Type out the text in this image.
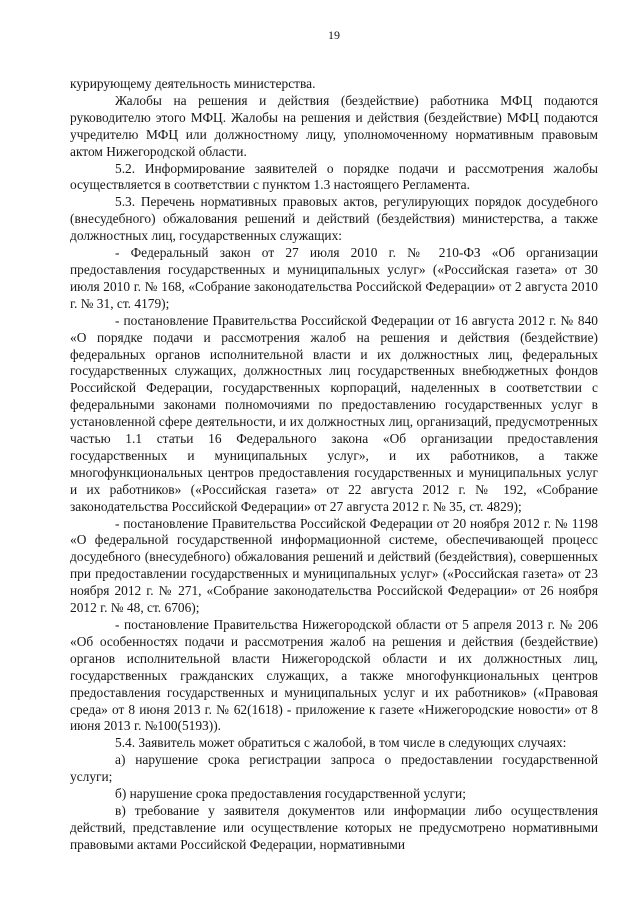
19

курирующему деятельность министерства.

Жалобы на решения и действия (бездействие) работника МФЦ подаются руководителю этого МФЦ. Жалобы на решения и действия (бездействие) МФЦ подаются учредителю МФЦ или должностному лицу, уполномоченному нормативным правовым актом Нижегородской области.

5.2. Информирование заявителей о порядке подачи и рассмотрения жалобы осуществляется в соответствии с пунктом 1.3 настоящего Регламента.

5.3. Перечень нормативных правовых актов, регулирующих порядок досудебного (внесудебного) обжалования решений и действий (бездействия) министерства, а также должностных лиц, государственных служащих:

- Федеральный закон от 27 июля 2010 г. № 210-ФЗ «Об организации предоставления государственных и муниципальных услуг» («Российская газета» от 30 июля 2010 г. № 168, «Собрание законодательства Российской Федерации» от 2 августа 2010 г. № 31, ст. 4179);

- постановление Правительства Российской Федерации от 16 августа 2012 г. № 840 «О порядке подачи и рассмотрения жалоб на решения и действия (бездействие) федеральных органов исполнительной власти и их должностных лиц, федеральных государственных служащих, должностных лиц государственных внебюджетных фондов Российской Федерации, государственных корпораций, наделенных в соответствии с федеральными законами полномочиями по предоставлению государственных услуг в установленной сфере деятельности, и их должностных лиц, организаций, предусмотренных частью 1.1 статьи 16 Федерального закона «Об организации предоставления государственных и муниципальных услуг», и их работников, а также многофункциональных центров предоставления государственных и муниципальных услуг и их работников» («Российская газета» от 22 августа 2012 г. № 192, «Собрание законодательства Российской Федерации» от 27 августа 2012 г. № 35, ст. 4829);

- постановление Правительства Российской Федерации от 20 ноября 2012 г. № 1198 «О федеральной государственной информационной системе, обеспечивающей процесс досудебного (внесудебного) обжалования решений и действий (бездействия), совершенных при предоставлении государственных и муниципальных услуг» («Российская газета» от 23 ноября 2012 г. № 271, «Собрание законодательства Российской Федерации» от 26 ноября 2012 г. № 48, ст. 6706);

- постановление Правительства Нижегородской области от 5 апреля 2013 г. № 206 «Об особенностях подачи и рассмотрения жалоб на решения и действия (бездействие) органов исполнительной власти Нижегородской области и их должностных лиц, государственных гражданских служащих, а также многофункциональных центров предоставления государственных и муниципальных услуг и их работников» («Правовая среда» от 8 июня 2013 г. № 62(1618) - приложение к газете «Нижегородские новости» от 8 июня 2013 г. №100(5193)).

5.4. Заявитель может обратиться с жалобой, в том числе в следующих случаях:

а) нарушение срока регистрации запроса о предоставлении государственной услуги;

б) нарушение срока предоставления государственной услуги;

в) требование у заявителя документов или информации либо осуществления действий, представление или осуществление которых не предусмотрено нормативными правовыми актами Российской Федерации, нормативными
